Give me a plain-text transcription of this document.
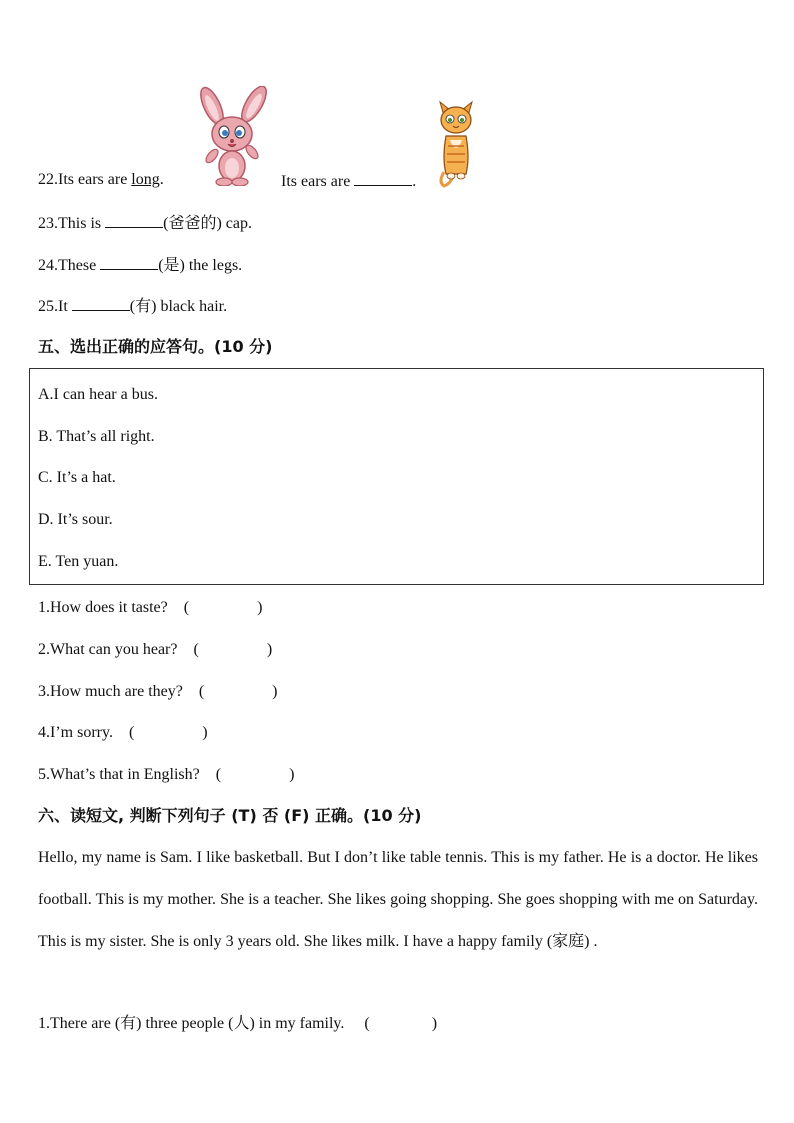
22.Its ears are long.	Its ears are	.
23.This is	(爸爸的) cap.
24.These	(是) the legs.
25.It	(有) black hair.
五、选出正确的应答句。(10 分)
A.I can hear a bus.
B. That’s all right.
C. It’s a hat.
D. It’s sour.
E. Ten yuan.
1.How does it taste? (	)
2.What can you hear? (	)
3.How much are they? (	)
4.I’m sorry. (	)
5.What’s that in English? (	)
六、读短文, 判断下列句子 (T) 否 (F) 正确。(10 分)
Hello, my name is Sam. I like basketball. But I don’t like table tennis. This is my father. He is a doctor. He likes football. This is my mother. She is a teacher. She likes going shopping. She goes shopping with me on Saturday. This is my sister. She is only 3 years old. She likes milk. I have a happy family (家庭) .
1.There are (有) three people (人) in my family. (	)
